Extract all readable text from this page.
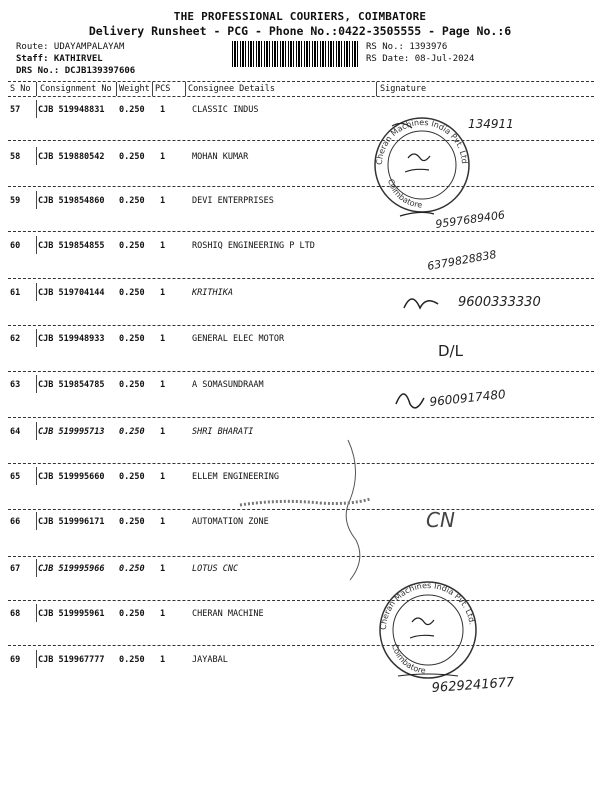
THE PROFESSIONAL COURIERS, COIMBATORE
Delivery Runsheet - PCG - Phone No.:0422-3505555 - Page No.:6
Route: UDAYAMPALAYAM
Staff: KATHIRVEL
DRS No.: DCJB139397606
RS No.: 1393976
RS Date: 08-Jul-2024
S No Consignment No Weight PCS Consignee Details	Signature
57 CJB 519948831 0.250 1	CLASSIC INDUS
58 CJB 519880542 0.250 1	MOHAN KUMAR
59 CJB 519854860 0.250 1	DEVI ENTERPRISES
60 CJB 519854855 0.250 1	ROSHIQ ENGINEERING P LTD
61 CJB 519704144 0.250 1	KRITHIKA
62 CJB 519948933 0.250 1	GENERAL ELEC MOTOR
63 CJB 519854785 0.250 1	A SOMASUNDRAAM
64 CJB 519995713 0.250 1	SHRI BHARATI
65 CJB 519995660 0.250 1	ELLEM ENGINEERING
66 CJB 519996171 0.250 1	AUTOMATION ZONE
67 CJB 519995966 0.250 1	LOTUS CNC
68 CJB 519995961 0.250 1	CHERAN MACHINE
69 CJB 519967777 0.250 1	JAYABAL
Cheran Machines India Pvt. Ltd
Coimbatore
Cheran Machines India Pvt. Ltd.
Coimbatore
134911
9597689406
6379828838
9600333330
D/L
9600917480
CN
9629241677
